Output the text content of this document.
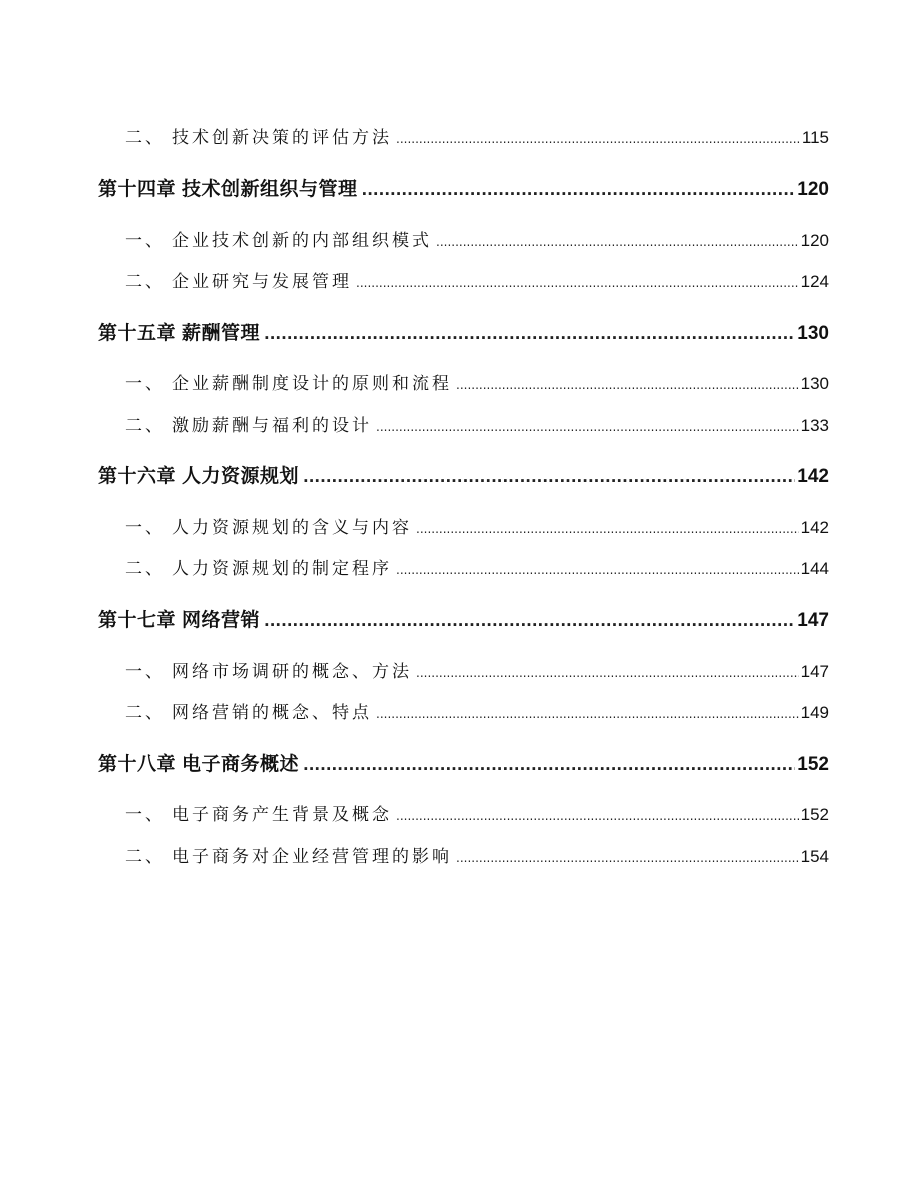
二、 技术创新决策的评估方法 .....	115
第十四章 技术创新组织与管理 .....	120
一、 企业技术创新的内部组织模式 .....	120
二、 企业研究与发展管理 .....	124
第十五章 薪酬管理 .....	130
一、 企业薪酬制度设计的原则和流程 .....	130
二、 激励薪酬与福利的设计 .....	133
第十六章 人力资源规划 .....	142
一、 人力资源规划的含义与内容 .....	142
二、 人力资源规划的制定程序 .....	144
第十七章 网络营销 .....	147
一、 网络市场调研的概念、方法 .....	147
二、 网络营销的概念、特点 .....	149
第十八章 电子商务概述 .....	152
一、 电子商务产生背景及概念 .....	152
二、 电子商务对企业经营管理的影响 .....	154
